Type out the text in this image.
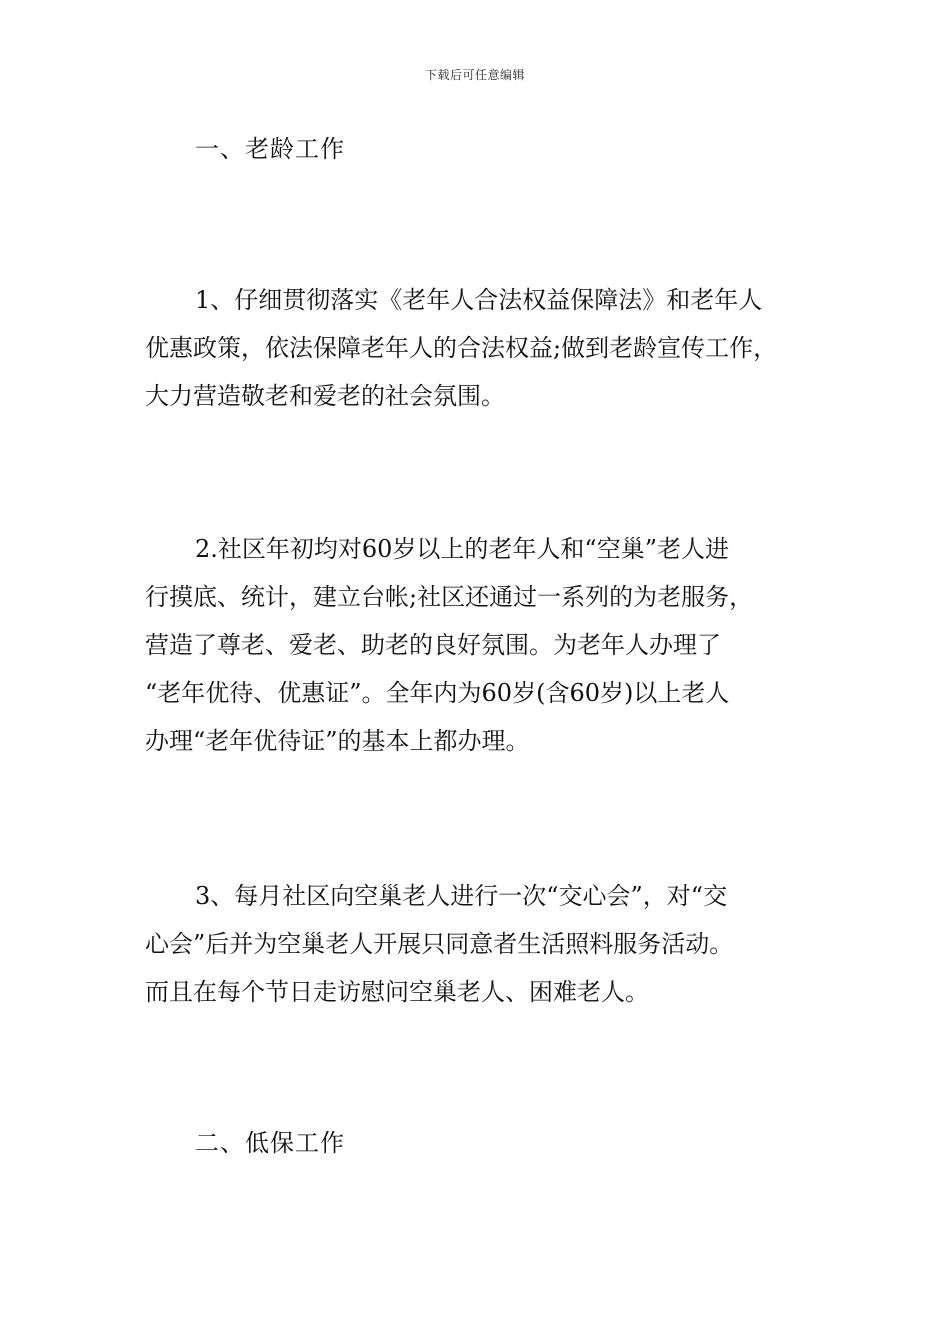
下载后可任意编辑
一、老龄工作
1、仔细贯彻落实《老年人合法权益保障法》和老年人
优惠政策，依法保障老年人的合法权益;做到老龄宣传工作，
大力营造敬老和爱老的社会氛围。
2.社区年初均对60岁以上的老年人和“空巢”老人进
行摸底、统计，建立台帐;社区还通过一系列的为老服务，
营造了尊老、爱老、助老的良好氛围。为老年人办理了
“老年优待、优惠证”。全年内为60岁(含60岁)以上老人
办理“老年优待证”的基本上都办理。
3、每月社区向空巢老人进行一次“交心会”，对“交
心会”后并为空巢老人开展只同意者生活照料服务活动。
而且在每个节日走访慰问空巢老人、困难老人。
二、低保工作
